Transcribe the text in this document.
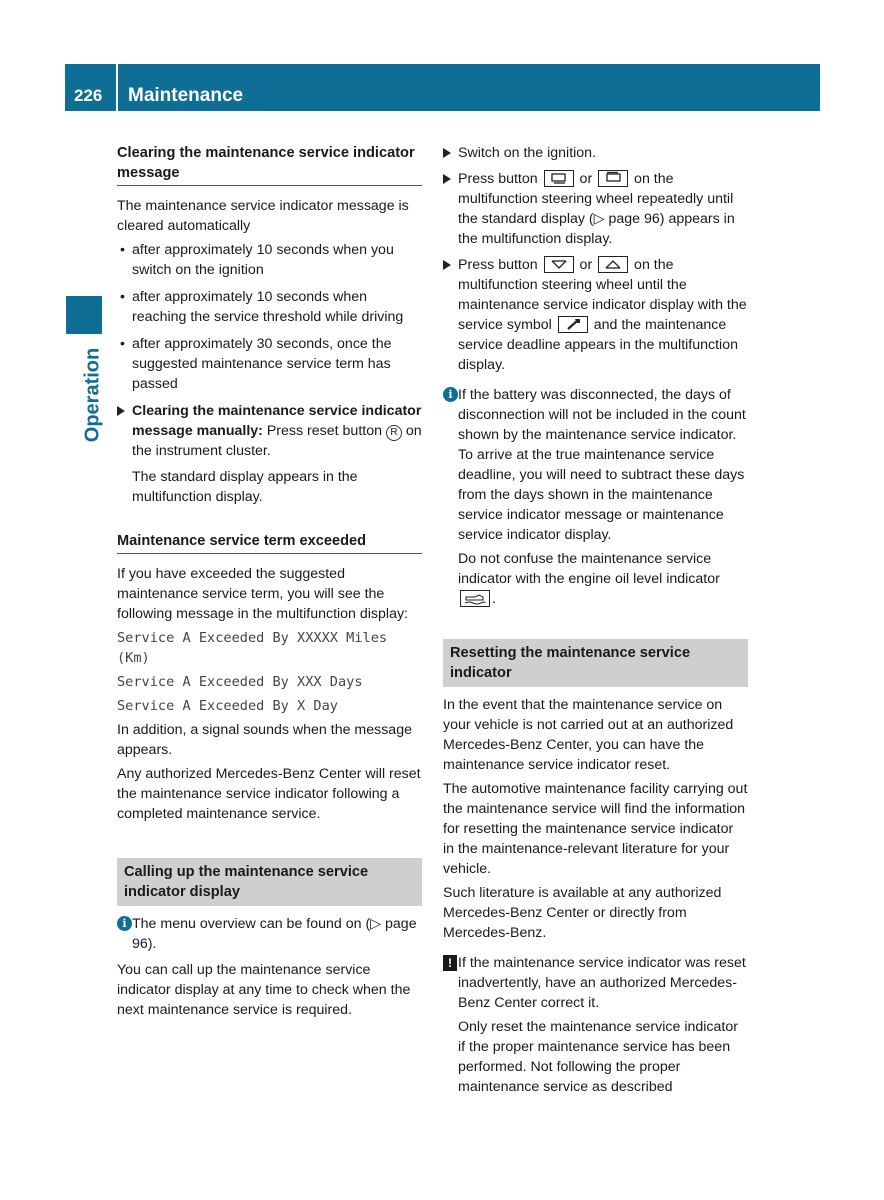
226 Maintenance
Operation
Clearing the maintenance service indicator message

The maintenance service indicator message is cleared automatically

• after approximately 10 seconds when you switch on the ignition
• after approximately 10 seconds when reaching the service threshold while driving
• after approximately 30 seconds, once the suggested maintenance service term has passed
Clearing the maintenance service indicator message manually: Press reset button R on the instrument cluster.

The standard display appears in the multifunction display.

Maintenance service term exceeded

If you have exceeded the suggested maintenance service term, you will see the following message in the multifunction display:

Service A Exceeded By XXXXX Miles (Km)

Service A Exceeded By XXX Days

Service A Exceeded By X Day

In addition, a signal sounds when the message appears.

Any authorized Mercedes-Benz Center will reset the maintenance service indicator following a completed maintenance service.

Calling up the maintenance service indicator display
i The menu overview can be found on (▷ page 96).

You can call up the maintenance service indicator display at any time to check when the next maintenance service is required.

Switch on the ignition.
Press button
or
on the multifunction steering wheel repeatedly until the standard display (▷ page 96) appears in the multifunction display.
Press button
or
on the multifunction steering wheel until the maintenance service indicator display with the service symbol
and the maintenance service deadline appears in the multifunction display.
i If the battery was disconnected, the days of disconnection will not be included in the count shown by the maintenance service indicator. To arrive at the true maintenance service deadline, you will need to subtract these days from the days shown in the maintenance service indicator message or maintenance service indicator display.

Do not confuse the maintenance service indicator with the engine oil level indicator
.

Resetting the maintenance service indicator

In the event that the maintenance service on your vehicle is not carried out at an authorized Mercedes-Benz Center, you can have the maintenance service indicator reset.

The automotive maintenance facility carrying out the maintenance service will find the information for resetting the maintenance service indicator in the maintenance-relevant literature for your vehicle.

Such literature is available at any authorized Mercedes-Benz Center or directly from Mercedes-Benz.

! If the maintenance service indicator was reset inadvertently, have an authorized Mercedes-Benz Center correct it.

Only reset the maintenance service indicator if the proper maintenance service has been performed. Not following the proper maintenance service as described
